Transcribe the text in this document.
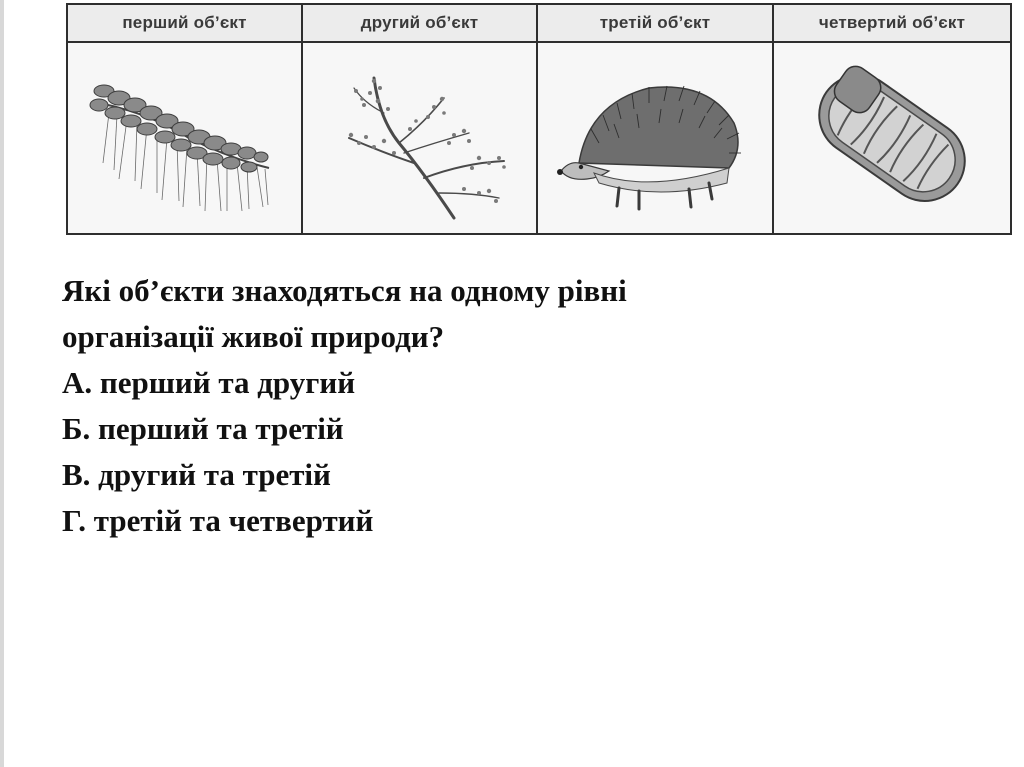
перший об’єкт	другий об’єкт	третій об’єкт	четвертий об’єкт
Які об’єкти знаходяться на одному рівні
організації живої природи?
А. перший та другий
Б. перший та третій
В. другий та третій
Г. третій та четвертий
